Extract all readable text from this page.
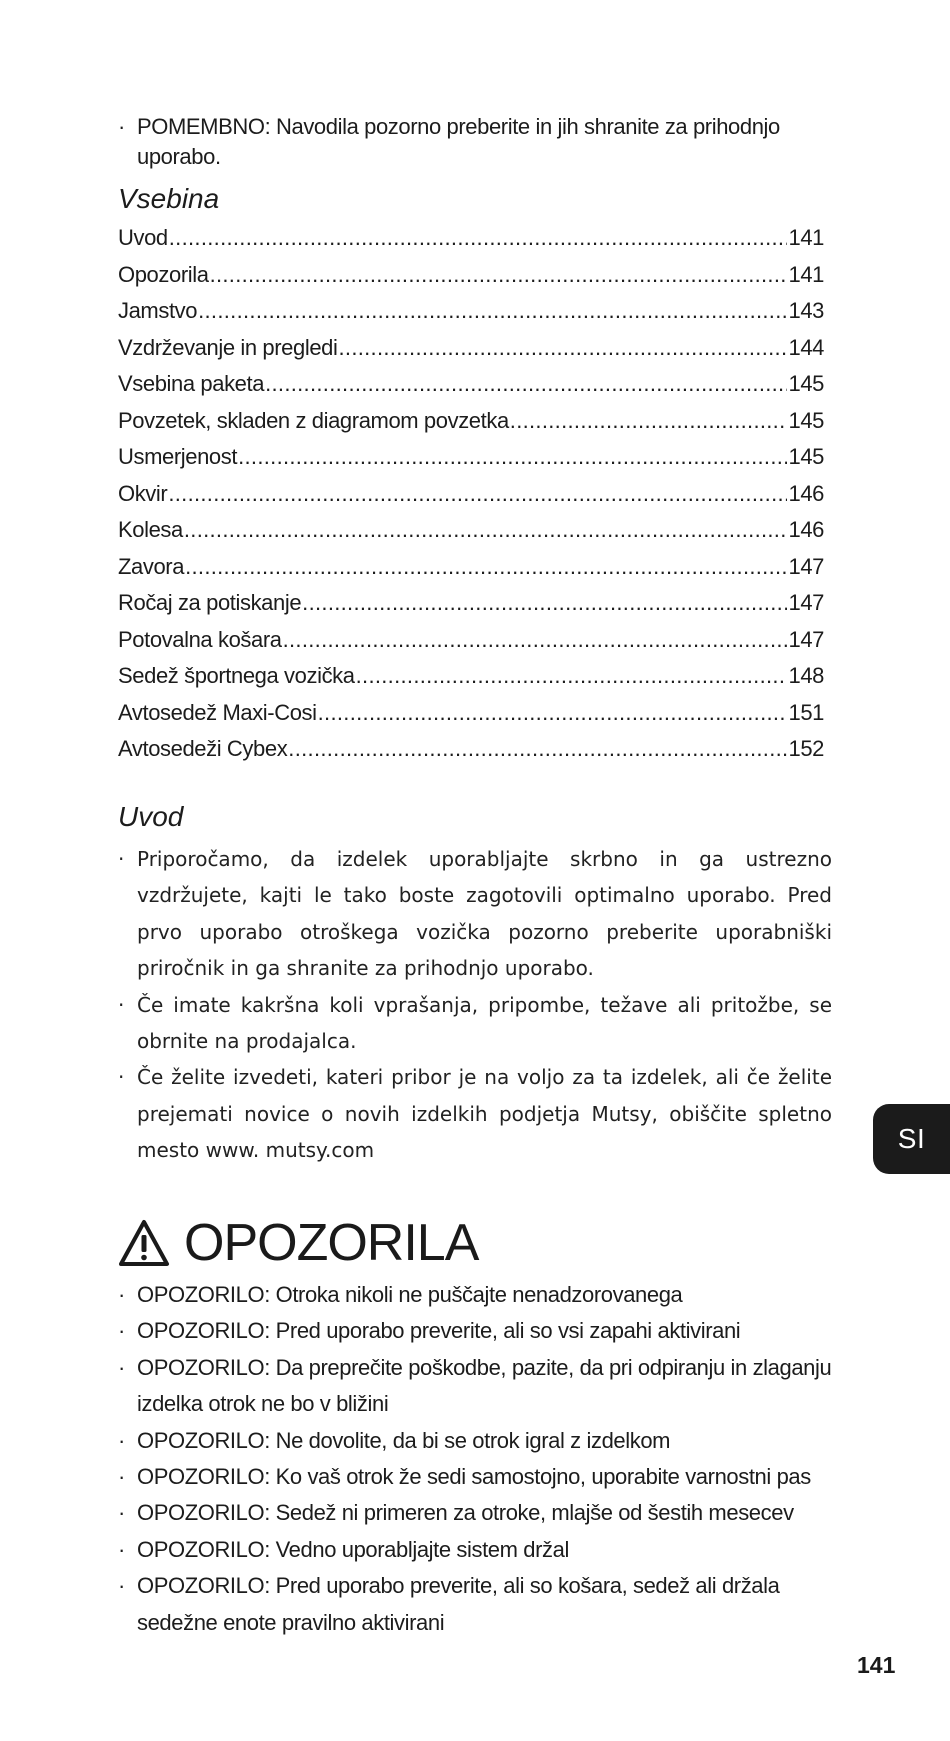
· POMEMBNO: Navodila pozorno preberite in jih shranite za prihodnjo uporabo.
Vsebina
Uvod .....	141
Opozorila .....	141
Jamstvo .....	143
Vzdrževanje in pregledi .....	144
Vsebina paketa .....	145
Povzetek, skladen z diagramom povzetka .....	145
Usmerjenost .....	145
Okvir .....	146
Kolesa .....	146
Zavora .....	147
Ročaj za potiskanje .....	147
Potovalna košara .....	147
Sedež športnega vozička .....	148
Avtosedež Maxi-Cosi .....	151
Avtosedeži Cybex .....	152
Uvod
· Priporočamo, da izdelek uporabljajte skrbno in ga ustrezno vzdržujete, kajti le tako boste zagotovili optimalno uporabo. Pred prvo uporabo otroškega vozička pozorno preberite uporabniški priročnik in ga shranite za prihodnjo uporabo.
· Če imate kakršna koli vprašanja, pripombe, težave ali pritožbe, se obrnite na prodajalca.
· Če želite izvedeti, kateri pribor je na voljo za ta izdelek, ali če želite prejemati novice o novih izdelkih podjetja Mutsy, obiščite spletno mesto www. mutsy.com	SI
OPOZORILA
· OPOZORILO: Otroka nikoli ne puščajte nenadzorovanega
· OPOZORILO: Pred uporabo preverite, ali so vsi zapahi aktivirani
· OPOZORILO: Da preprečite poškodbe, pazite, da pri odpiranju in zlaganju izdelka otrok ne bo v bližini
· OPOZORILO: Ne dovolite, da bi se otrok igral z izdelkom
· OPOZORILO: Ko vaš otrok že sedi samostojno, uporabite varnostni pas
· OPOZORILO: Sedež ni primeren za otroke, mlajše od šestih mesecev
· OPOZORILO: Vedno uporabljajte sistem držal
· OPOZORILO: Pred uporabo preverite, ali so košara, sedež ali držala sedežne enote pravilno aktivirani
141
